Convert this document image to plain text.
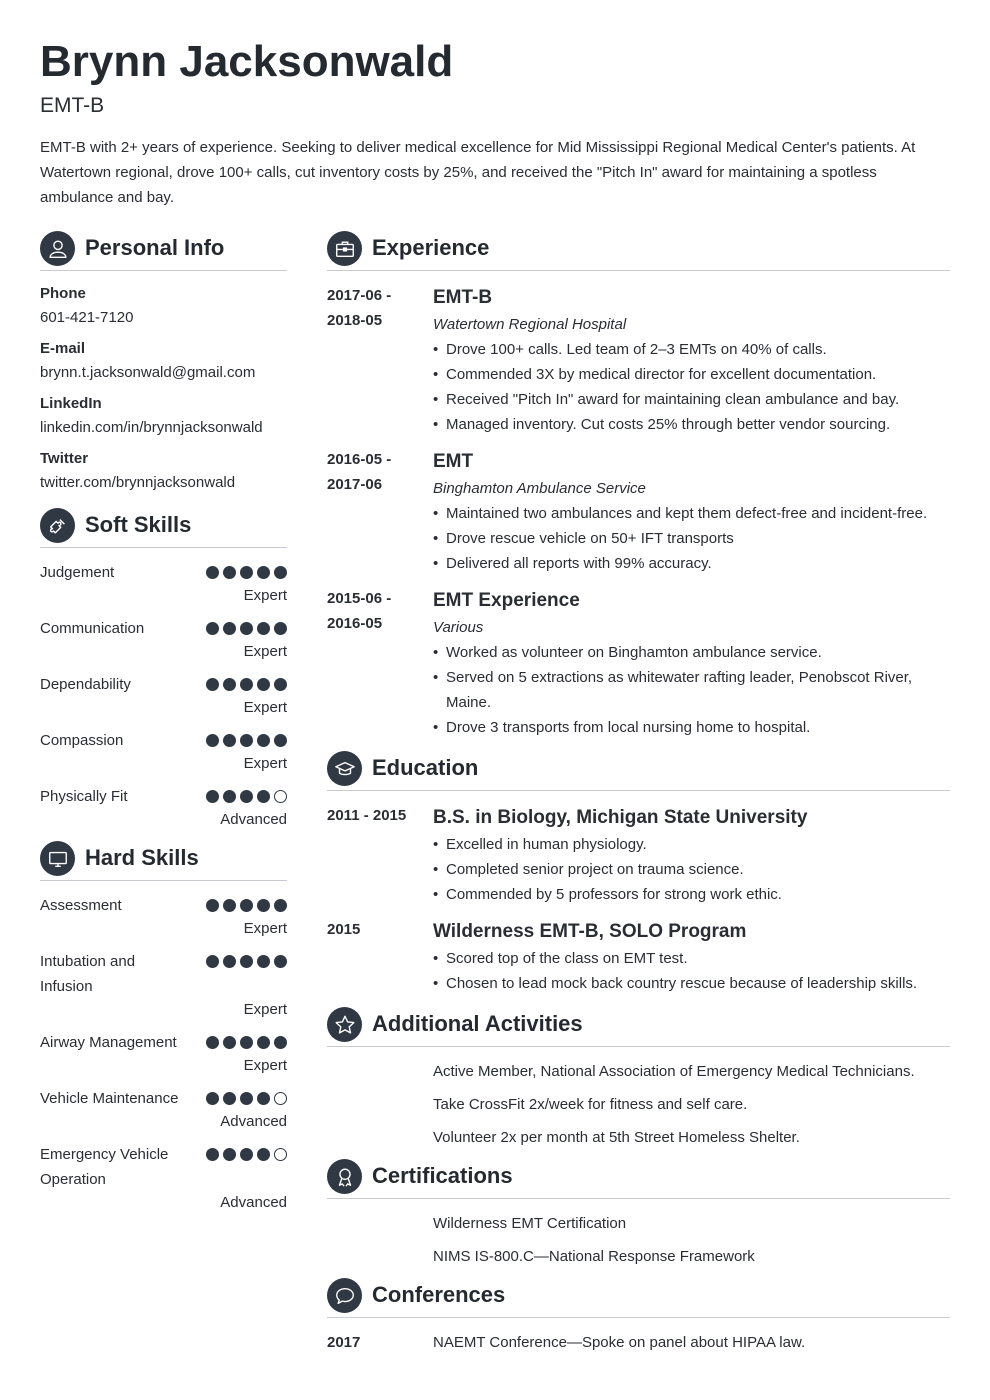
Brynn Jacksonwald
EMT-B

EMT-B with 2+ years of experience. Seeking to deliver medical excellence for Mid Mississippi Regional Medical Center's patients. At Watertown regional, drove 100+ calls, cut inventory costs by 25%, and received the "Pitch In" award for maintaining a spotless ambulance and bay.

Personal Info
Phone
601-421-7120
E-mail
brynn.t.jacksonwald@gmail.com
LinkedIn
linkedin.com/in/brynnjacksonwald
Twitter
twitter.com/brynnjacksonwald
Soft Skills
Judgement
Expert
Communication
Expert
Dependability
Expert
Compassion
Expert
Physically Fit
Advanced
Hard Skills
Assessment
Expert
Intubation and Infusion
Expert
Airway Management
Expert
Vehicle Maintenance
Advanced
Emergency Vehicle Operation
Advanced
Experience
2017-06 - 2018-05
EMT-B
Watertown Regional Hospital
• Drove 100+ calls. Led team of 2–3 EMTs on 40% of calls.
• Commended 3X by medical director for excellent documentation.
• Received "Pitch In" award for maintaining clean ambulance and bay.
• Managed inventory. Cut costs 25% through better vendor sourcing.
2016-05 - 2017-06
EMT
Binghamton Ambulance Service
• Maintained two ambulances and kept them defect-free and incident-free.
• Drove rescue vehicle on 50+ IFT transports
• Delivered all reports with 99% accuracy.
2015-06 - 2016-05
EMT Experience
Various
• Worked as volunteer on Binghamton ambulance service.
• Served on 5 extractions as whitewater rafting leader, Penobscot River, Maine.
• Drove 3 transports from local nursing home to hospital.
Education
2011 - 2015	B.S. in Biology, Michigan State University
• Excelled in human physiology.
• Completed senior project on trauma science.
• Commended by 5 professors for strong work ethic.
2015	Wilderness EMT-B, SOLO Program
• Scored top of the class on EMT test.
• Chosen to lead mock back country rescue because of leadership skills.
Additional Activities
Active Member, National Association of Emergency Medical Technicians.
Take CrossFit 2x/week for fitness and self care.
Volunteer 2x per month at 5th Street Homeless Shelter.
Certifications
Wilderness EMT Certification
NIMS IS-800.C—National Response Framework
Conferences
2017	NAEMT Conference—Spoke on panel about HIPAA law.
